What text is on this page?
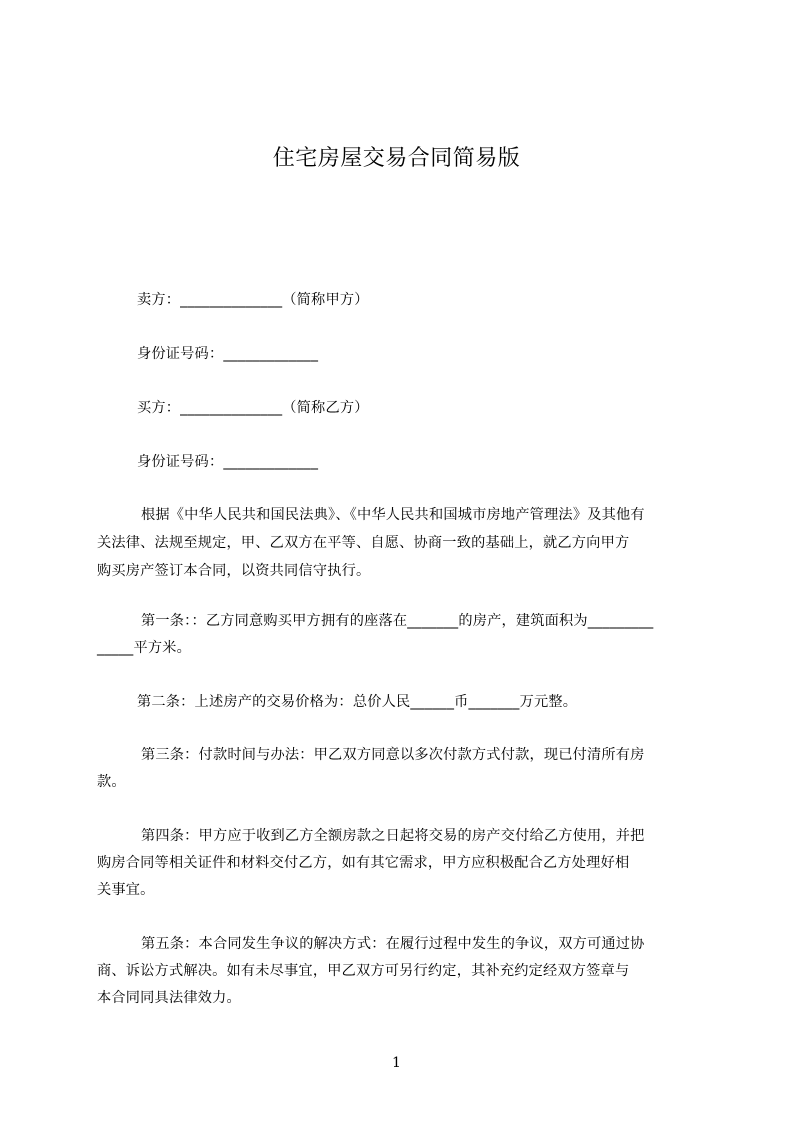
住宅房屋交易合同简易版
卖方：______________（简称甲方）
身份证号码：_____________
买方：______________（简称乙方）
身份证号码：_____________
根据《中华人民共和国民法典》、《中华人民共和国城市房地产管理法》及其他有
关法律、法规至规定，甲、乙双方在平等、自愿、协商一致的基础上，就乙方向甲方
购买房产签订本合同，以资共同信守执行。
第一条：：乙方同意购买甲方拥有的座落在_______的房产，建筑面积为_________
_____平方米。
第二条：上述房产的交易价格为：总价人民______币_______万元整。
第三条：付款时间与办法：甲乙双方同意以多次付款方式付款，现已付清所有房
款。
第四条：甲方应于收到乙方全额房款之日起将交易的房产交付给乙方使用，并把
购房合同等相关证件和材料交付乙方，如有其它需求，甲方应积极配合乙方处理好相
关事宜。
第五条：本合同发生争议的解决方式：在履行过程中发生的争议，双方可通过协
商、诉讼方式解决。如有未尽事宜，甲乙双方可另行约定，其补充约定经双方签章与
本合同同具法律效力。
1
